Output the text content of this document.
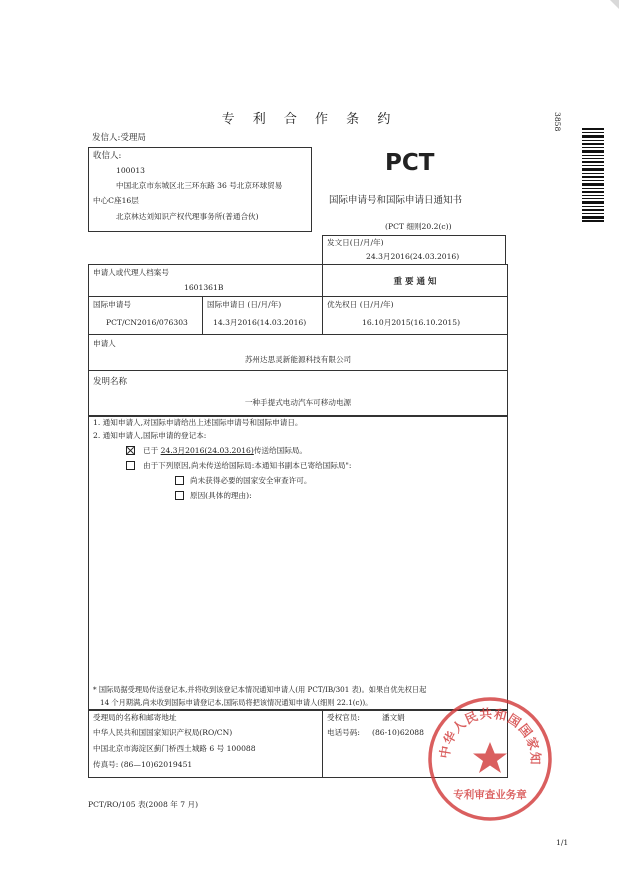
专 利 合 作 条 约	3858
发信人:受理局
收信人:
100013
中国北京市东城区北三环东路 36 号北京环球贸易
中心C座16层
北京林达刘知识产权代理事务所(普通合伙)
PCT
国际申请号和国际申请日通知书
(PCT 细则20.2(c))
发文日(日/月/年)
24.3月2016(24.03.2016)
申请人或代理人档案号
1601361B
重 要 通 知
国际申请号
PCT/CN2016/076303
国际申请日 (日/月/年)
14.3月2016(14.03.2016)
优先权日 (日/月/年)
16.10月2015(16.10.2015)
申请人
苏州达思灵新能源科技有限公司
发明名称
一种手提式电动汽车可移动电源
1. 通知申请人,对国际申请给出上述国际申请号和国际申请日。
2. 通知申请人,国际申请的登记本:
已于 24.3月2016(24.03.2016)传送给国际局。
由于下列原因,尚未传送给国际局:本通知书副本已寄给国际局":
尚未获得必要的国家安全审查许可。
原因(具体的理由):
* 国际局据受理局传送登记本,并将收到该登记本情况通知申请人(用 PCT/IB/301 表)。如果自优先权日起
14 个月期满,尚未收到国际申请登记本,国际局将把该情况通知申请人(细则 22.1(c))。
受理局的名称和邮寄地址
中华人民共和国国家知识产权局(RO/CN)
中国北京市海淀区蓟门桥西土城路 6 号 100088
传真号: (86—10)62019451
受权官员:	潘文娟
电话号码: (86-10)62088
PCT/RO/105 表(2008 年 7 月)
1/1
中华人民共和国国家知
专利审查业务章
